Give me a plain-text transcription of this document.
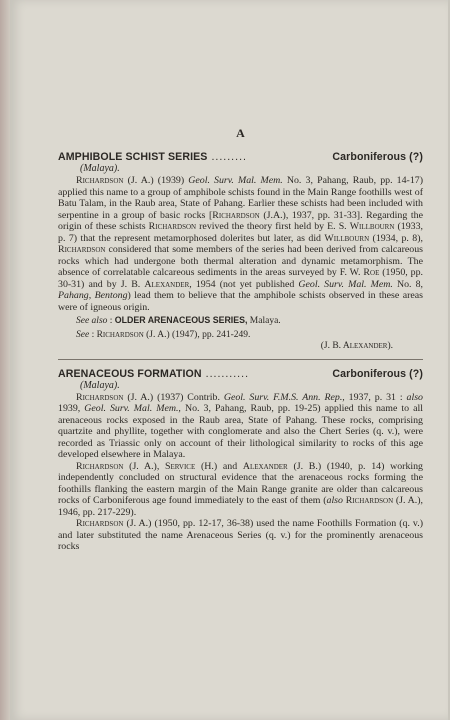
A
AMPHIBOLE SCHIST SERIES .........	Carboniferous (?)
(Malaya).

Richardson (J. A.) (1939) Geol. Surv. Mal. Mem. No. 3, Pahang, Raub, pp. 14-17) applied this name to a group of amphibole schists found in the Main Range foothills west of Batu Talam, in the Raub area, State of Pahang. Earlier these schists had been included with serpentine in a group of basic rocks [Richardson (J.A.), 1937, pp. 31-33]. Regarding the origin of these schists Richardson revived the theory first held by E. S. Willbourn (1933, p. 7) that the represent metamorphosed dolerites but later, as did Willbourn (1934, p. 8), Richardson considered that some members of the series had been derived from calcareous rocks which had undergone both thermal alteration and dynamic metamorphism. The absence of correlatable calcareous sediments in the areas surveyed by F. W. Roe (1950, pp. 30-31) and by J. B. Alexander, 1954 (not yet published Geol. Surv. Mal. Mem. No. 8, Pahang, Bentong) lead them to believe that the amphibole schists observed in these areas were of igneous origin.

See also : OLDER ARENACEOUS SERIES, Malaya.
See : Richardson (J. A.) (1947), pp. 241-249.
(J. B. Alexander).
ARENACEOUS FORMATION ...........	Carboniferous (?)
(Malaya).

Richardson (J. A.) (1937) Contrib. Geol. Surv. F.M.S. Ann. Rep., 1937, p. 31 : also 1939, Geol. Surv. Mal. Mem., No. 3, Pahang, Raub, pp. 19-25) applied this name to all arenaceous rocks exposed in the Raub area, State of Pahang. These rocks, comprising quartzite and phyllite, together with conglomerate and also the Chert Series (q. v.), were recorded as Triassic only on account of their lithological similarity to rocks of this age developed elsewhere in Malaya.

Richardson (J. A.), Service (H.) and Alexander (J. B.) (1940, p. 14) working independently concluded on structural evidence that the arenaceous rocks forming the foothills flanking the eastern margin of the Main Range granite are older than calcareous rocks of Carboniferous age found immediately to the east of them (also Richardson (J. A.), 1946, pp. 217-229).

Richardson (J. A.) (1950, pp. 12-17, 36-38) used the name Foothills Formation (q. v.) and later substituted the name Arenaceous Series (q. v.) for the prominently arenaceous rocks
